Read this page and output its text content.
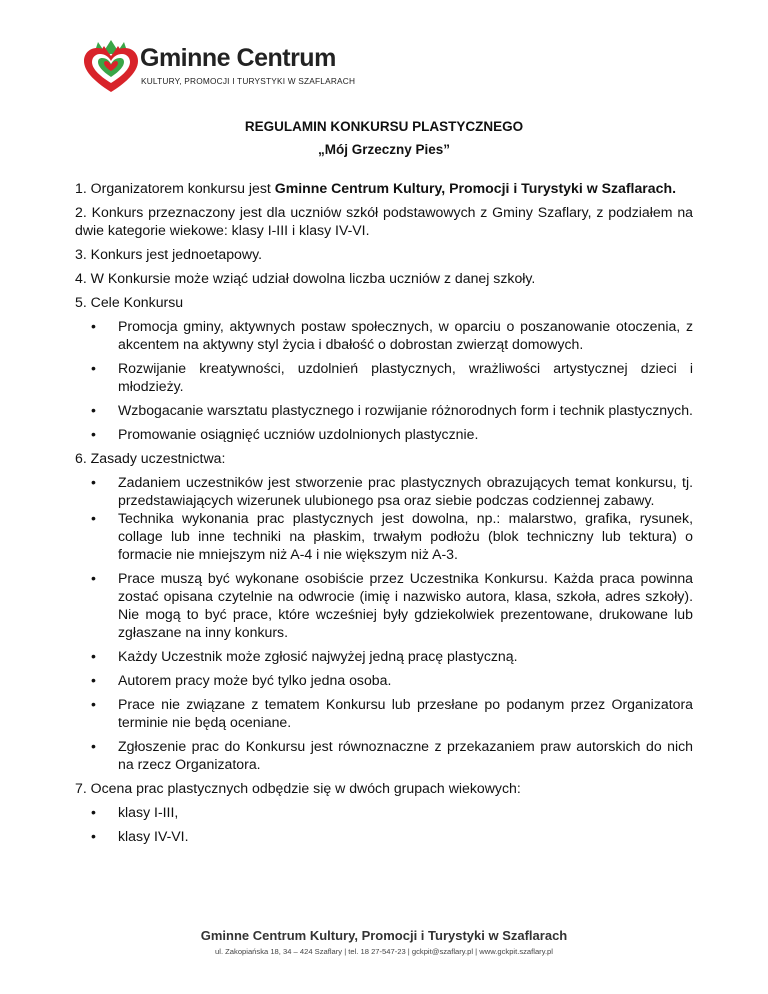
Gminne Centrum
KULTURY, PROMOCJI I TURYSTYKI W SZAFLARACH
REGULAMIN KONKURSU PLASTYCZNEGO
„Mój Grzeczny Pies”

1. Organizatorem konkursu jest Gminne Centrum Kultury, Promocji i Turystyki w Szaflarach.

2. Konkurs przeznaczony jest dla uczniów szkół podstawowych z Gminy Szaflary, z podziałem na dwie kategorie wiekowe: klasy I-III i klasy IV-VI.

3. Konkurs jest jednoetapowy.

4. W Konkursie może wziąć udział dowolna liczba uczniów z danej szkoły.

5. Cele Konkursu

• Promocja gminy, aktywnych postaw społecznych, w oparciu o poszanowanie otoczenia, z akcentem na aktywny styl życia i dbałość o dobrostan zwierząt domowych.
• Rozwijanie kreatywności, uzdolnień plastycznych, wrażliwości artystycznej dzieci i młodzieży.
• Wzbogacanie warsztatu plastycznego i rozwijanie różnorodnych form i technik plastycznych.
• Promowanie osiągnięć uczniów uzdolnionych plastycznie.

6. Zasady uczestnictwa:

• Zadaniem uczestników jest stworzenie prac plastycznych obrazujących temat konkursu, tj. przedstawiających wizerunek ulubionego psa oraz siebie podczas codziennej zabawy.
• Technika wykonania prac plastycznych jest dowolna, np.: malarstwo, grafika, rysunek, collage lub inne techniki na płaskim, trwałym podłożu (blok techniczny lub tektura) o formacie nie mniejszym niż A-4 i nie większym niż A-3.
• Prace muszą być wykonane osobiście przez Uczestnika Konkursu. Każda praca powinna zostać opisana czytelnie na odwrocie (imię i nazwisko autora, klasa, szkoła, adres szkoły). Nie mogą to być prace, które wcześniej były gdziekolwiek prezentowane, drukowane lub zgłaszane na inny konkurs.
• Każdy Uczestnik może zgłosić najwyżej jedną pracę plastyczną.
• Autorem pracy może być tylko jedna osoba.
• Prace nie związane z tematem Konkursu lub przesłane po podanym przez Organizatora terminie nie będą oceniane.
• Zgłoszenie prac do Konkursu jest równoznaczne z przekazaniem praw autorskich do nich na rzecz Organizatora.

7. Ocena prac plastycznych odbędzie się w dwóch grupach wiekowych:

• klasy I-III,
• klasy IV-VI.
Gminne Centrum Kultury, Promocji i Turystyki w Szaflarach
ul. Zakopiańska 18, 34 – 424 Szaflary | tel. 18 27-547-23 | gckpit@szaflary.pl | www.gckpit.szaflary.pl
